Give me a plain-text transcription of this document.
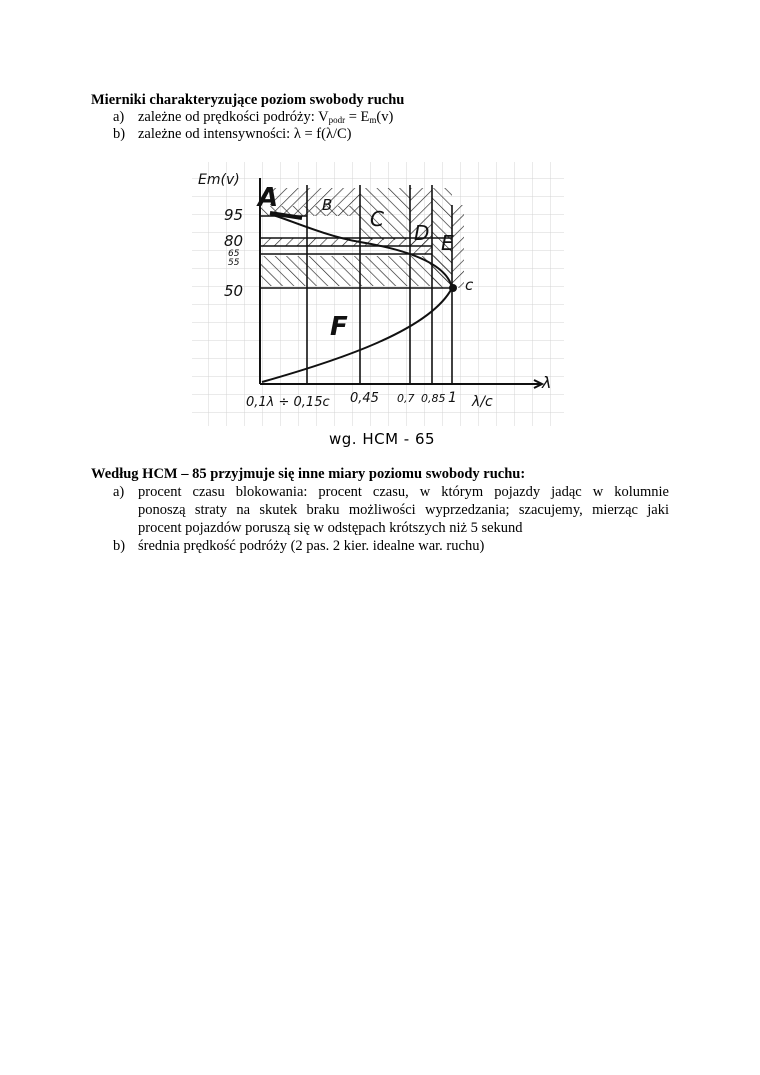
Mierniki charakteryzujące poziom swobody ruchu
a) zależne od prędkości podróży: $V_{podr} = E_m(v)$
b) zależne od intensywności: λ = f(λ/C)
Em(v)
95
80
65
55
50
A	B
C
D E
F
c
0,1λ ÷ 0,15c 0,45 0,7 0,85 1 λ/c
λ
wg. HCM - 65
Według HCM – 85 przyjmuje się inne miary poziomu swobody ruchu:
a) procent czasu blokowania: procent czasu, w którym pojazdy jadąc w kolumnie
ponoszą straty na skutek braku możliwości wyprzedzania; szacujemy, mierząc jaki
procent pojazdów poruszą się w odstępach krótszych niż 5 sekund
b) średnia prędkość podróży (2 pas. 2 kier. idealne war. ruchu)
